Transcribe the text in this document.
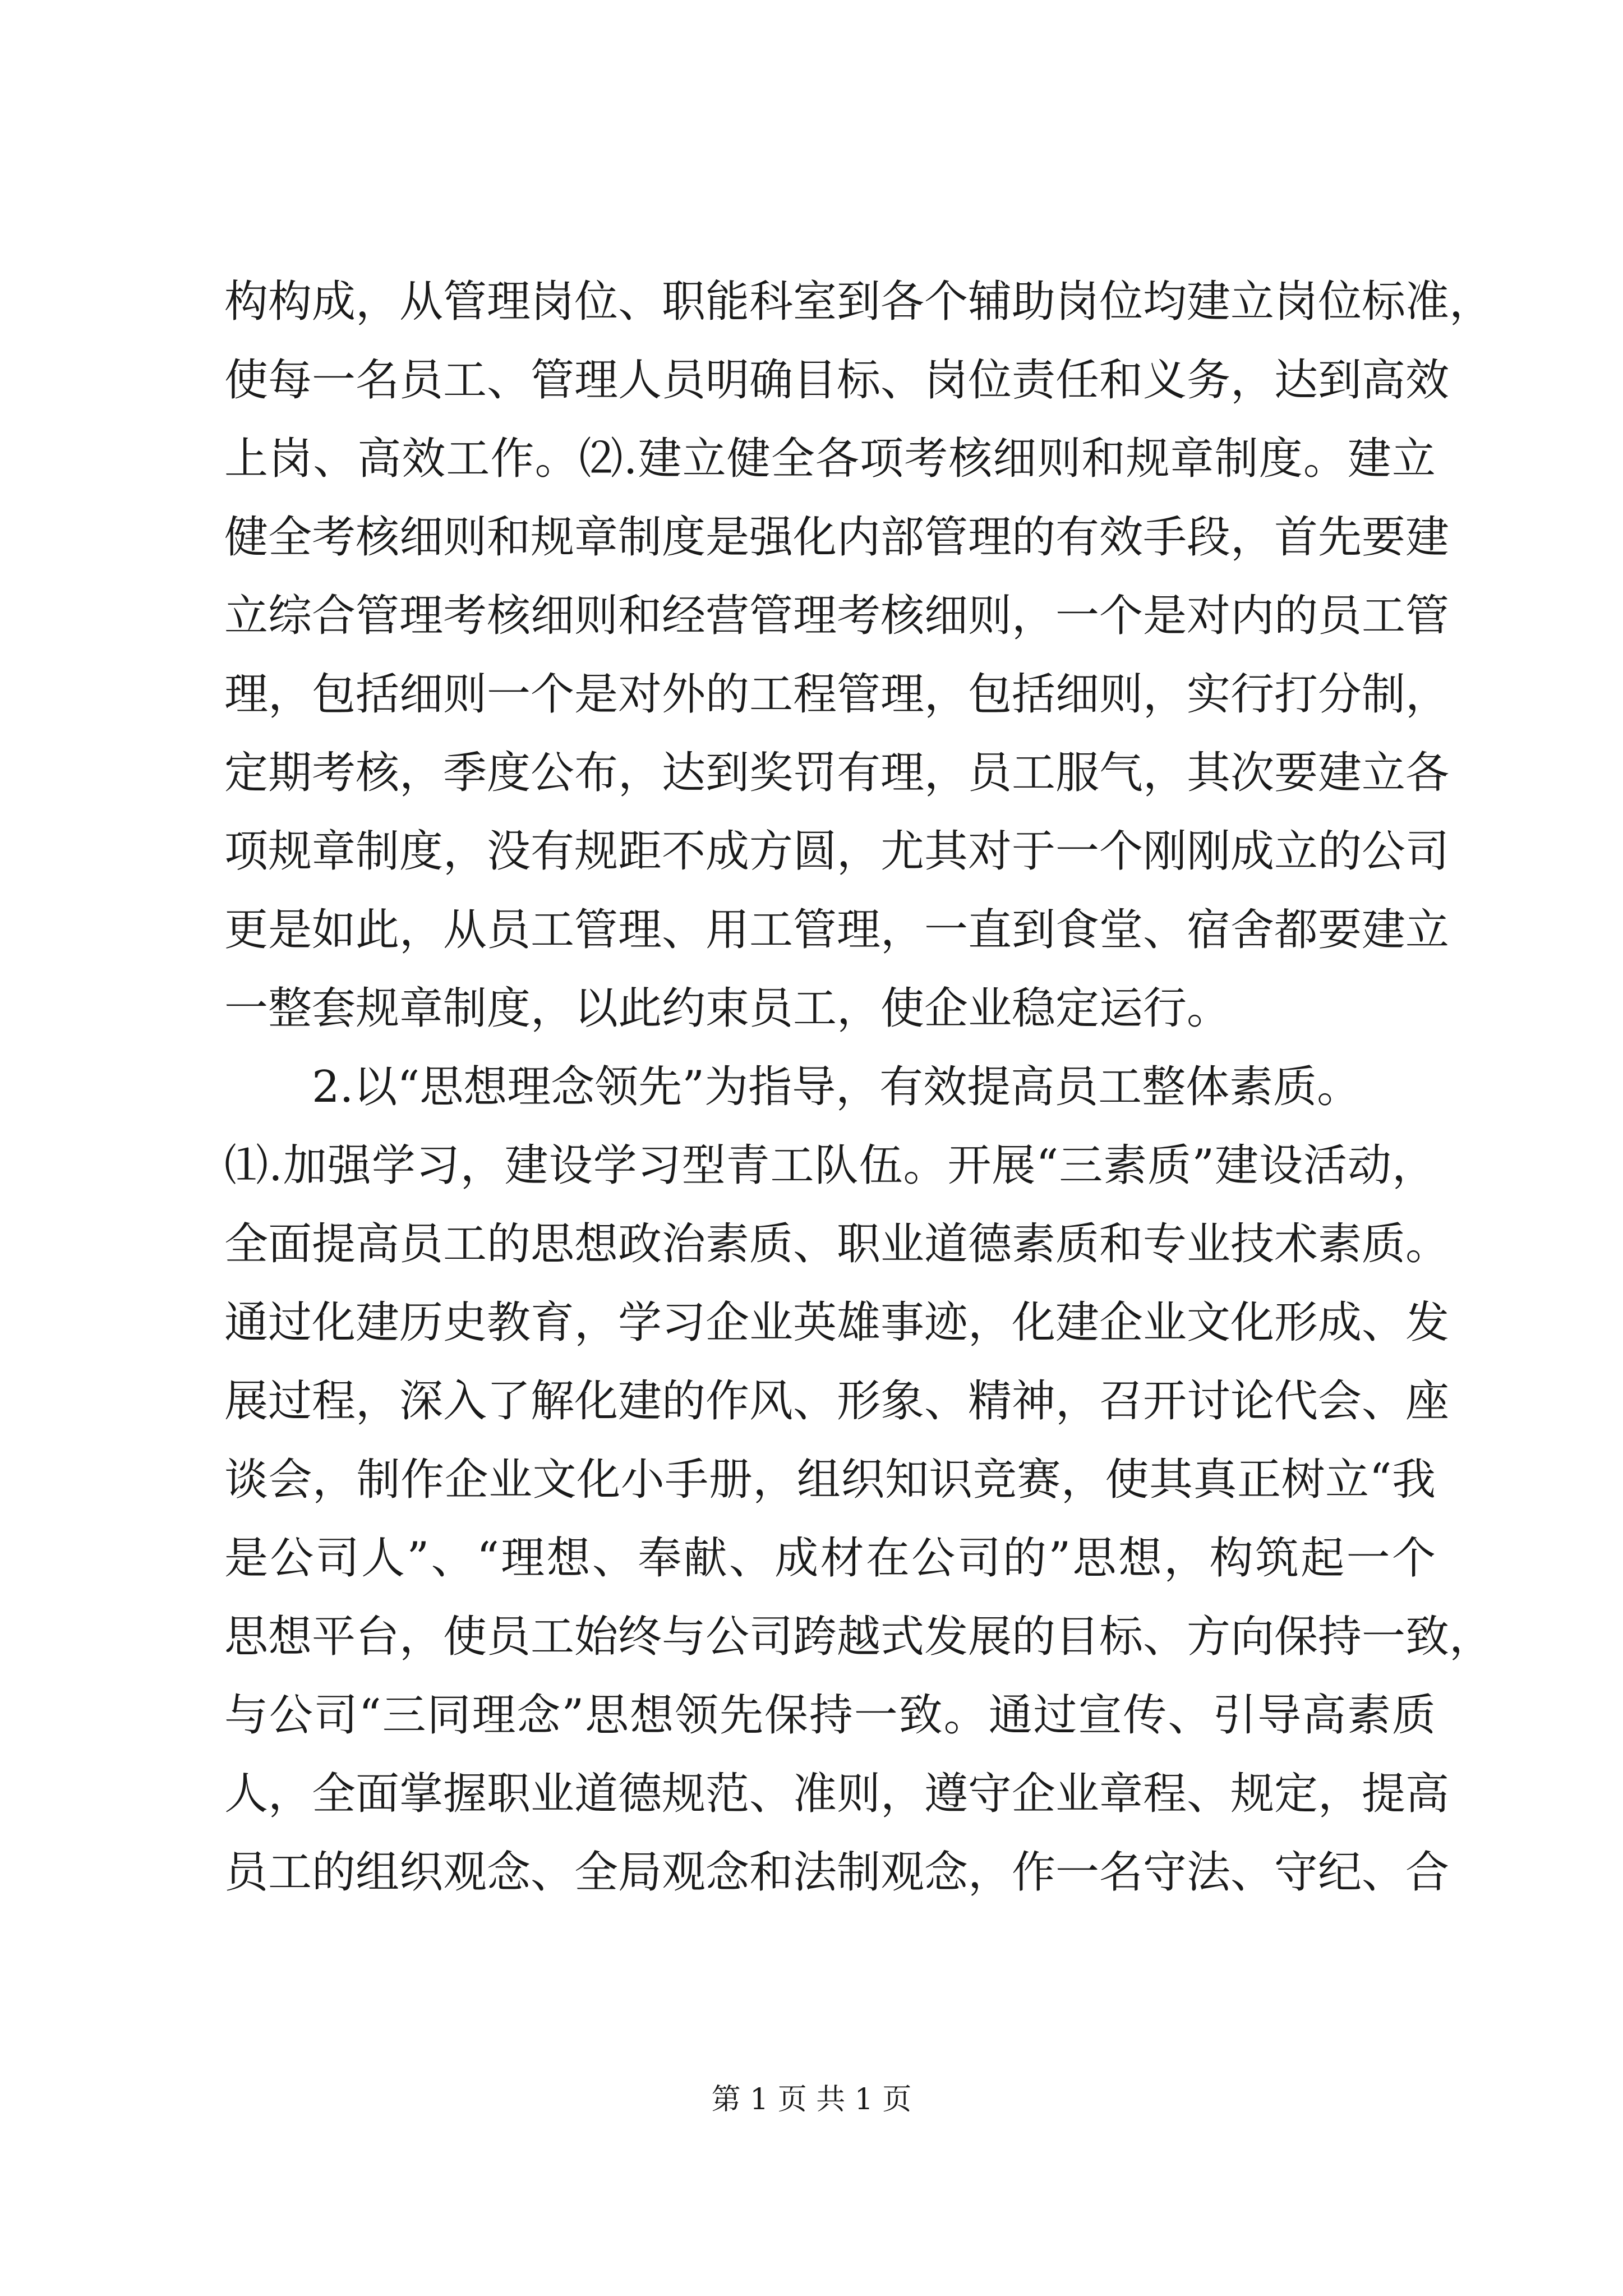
构构成，从管理岗位、职能科室到各个辅助岗位均建立岗位标准，
使每一名员工、管理人员明确目标、岗位责任和义务，达到高效
上岗、高效工作。⑵.建立健全各项考核细则和规章制度。建立
健全考核细则和规章制度是强化内部管理的有效手段，首先要建
立综合管理考核细则和经营管理考核细则，一个是对内的员工管
理，包括细则一个是对外的工程管理，包括细则，实行打分制，
定期考核，季度公布，达到奖罚有理，员工服气，其次要建立各
项规章制度，没有规距不成方圆，尤其对于一个刚刚成立的公司
更是如此，从员工管理、用工管理，一直到食堂、宿舍都要建立
一整套规章制度，以此约束员工，使企业稳定运行。
2.以“思想理念领先”为指导，有效提高员工整体素质。
⑴.加强学习，建设学习型青工队伍。开展“三素质”建设活动，
全面提高员工的思想政治素质、职业道德素质和专业技术素质。
通过化建历史教育，学习企业英雄事迹，化建企业文化形成、发
展过程，深入了解化建的作风、形象、精神，召开讨论代会、座
谈会，制作企业文化小手册，组织知识竞赛，使其真正树立“我
是公司人”、“理想、奉献、成材在公司的”思想，构筑起一个
思想平台，使员工始终与公司跨越式发展的目标、方向保持一致，
与公司“三同理念”思想领先保持一致。通过宣传、引导高素质
人，全面掌握职业道德规范、准则，遵守企业章程、规定，提高
员工的组织观念、全局观念和法制观念，作一名守法、守纪、合
第 1 页 共 1 页
